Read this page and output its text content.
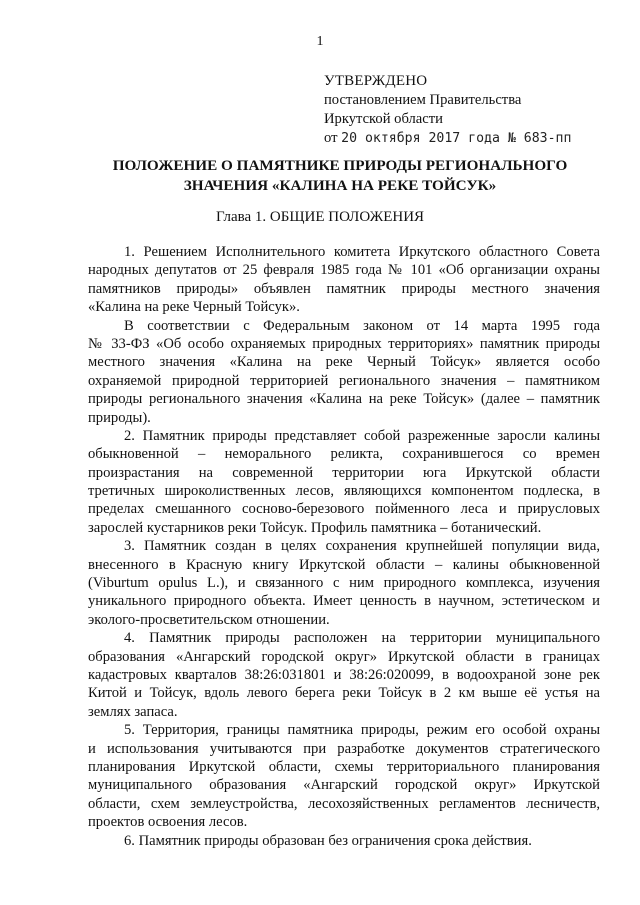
1
УТВЕРЖДЕНО
постановлением Правительства
Иркутской области
от 20 октября 2017 года № 683-пп
ПОЛОЖЕНИЕ О ПАМЯТНИКЕ ПРИРОДЫ РЕГИОНАЛЬНОГО
ЗНАЧЕНИЯ «КАЛИНА НА РЕКЕ ТОЙСУК»
Глава 1. ОБЩИЕ ПОЛОЖЕНИЯ
1. Решением Исполнительного комитета Иркутского областного Совета
народных депутатов от 25 февраля 1985 года № 101 «Об организации охраны
памятников природы» объявлен памятник природы местного значения
«Калина на реке Черный Тойсук».
В соответствии с Федеральным законом от 14 марта 1995 года
№ 33-ФЗ «Об особо охраняемых природных территориях» памятник природы
местного значения «Калина на реке Черный Тойсук» является особо
охраняемой природной территорией регионального значения – памятником
природы регионального значения «Калина на реке Тойсук» (далее – памятник
природы).
2. Памятник природы представляет собой разреженные заросли калины
обыкновенной – неморального реликта, сохранившегося со времен
произрастания на современной территории юга Иркутской области
третичных широколиственных лесов, являющихся компонентом подлеска, в
пределах смешанного сосново-березового пойменного леса и прирусловых
зарослей кустарников реки Тойсук. Профиль памятника – ботанический.
3. Памятник создан в целях сохранения крупнейшей популяции вида,
внесенного в Красную книгу Иркутской области – калины обыкновенной
(Viburtum opulus L.), и связанного с ним природного комплекса, изучения
уникального природного объекта. Имеет ценность в научном, эстетическом и
эколого-просветительском отношении.
4. Памятник природы расположен на территории муниципального
образования «Ангарский городской округ» Иркутской области в границах
кадастровых кварталов 38:26:031801 и 38:26:020099, в водоохраной зоне рек
Китой и Тойсук, вдоль левого берега реки Тойсук в 2 км выше её устья на
землях запаса.
5. Территория, границы памятника природы, режим его особой охраны
и использования учитываются при разработке документов стратегического
планирования Иркутской области, схемы территориального планирования
муниципального образования «Ангарский городской округ» Иркутской
области, схем землеустройства, лесохозяйственных регламентов лесничеств,
проектов освоения лесов.
6. Памятник природы образован без ограничения срока действия.
